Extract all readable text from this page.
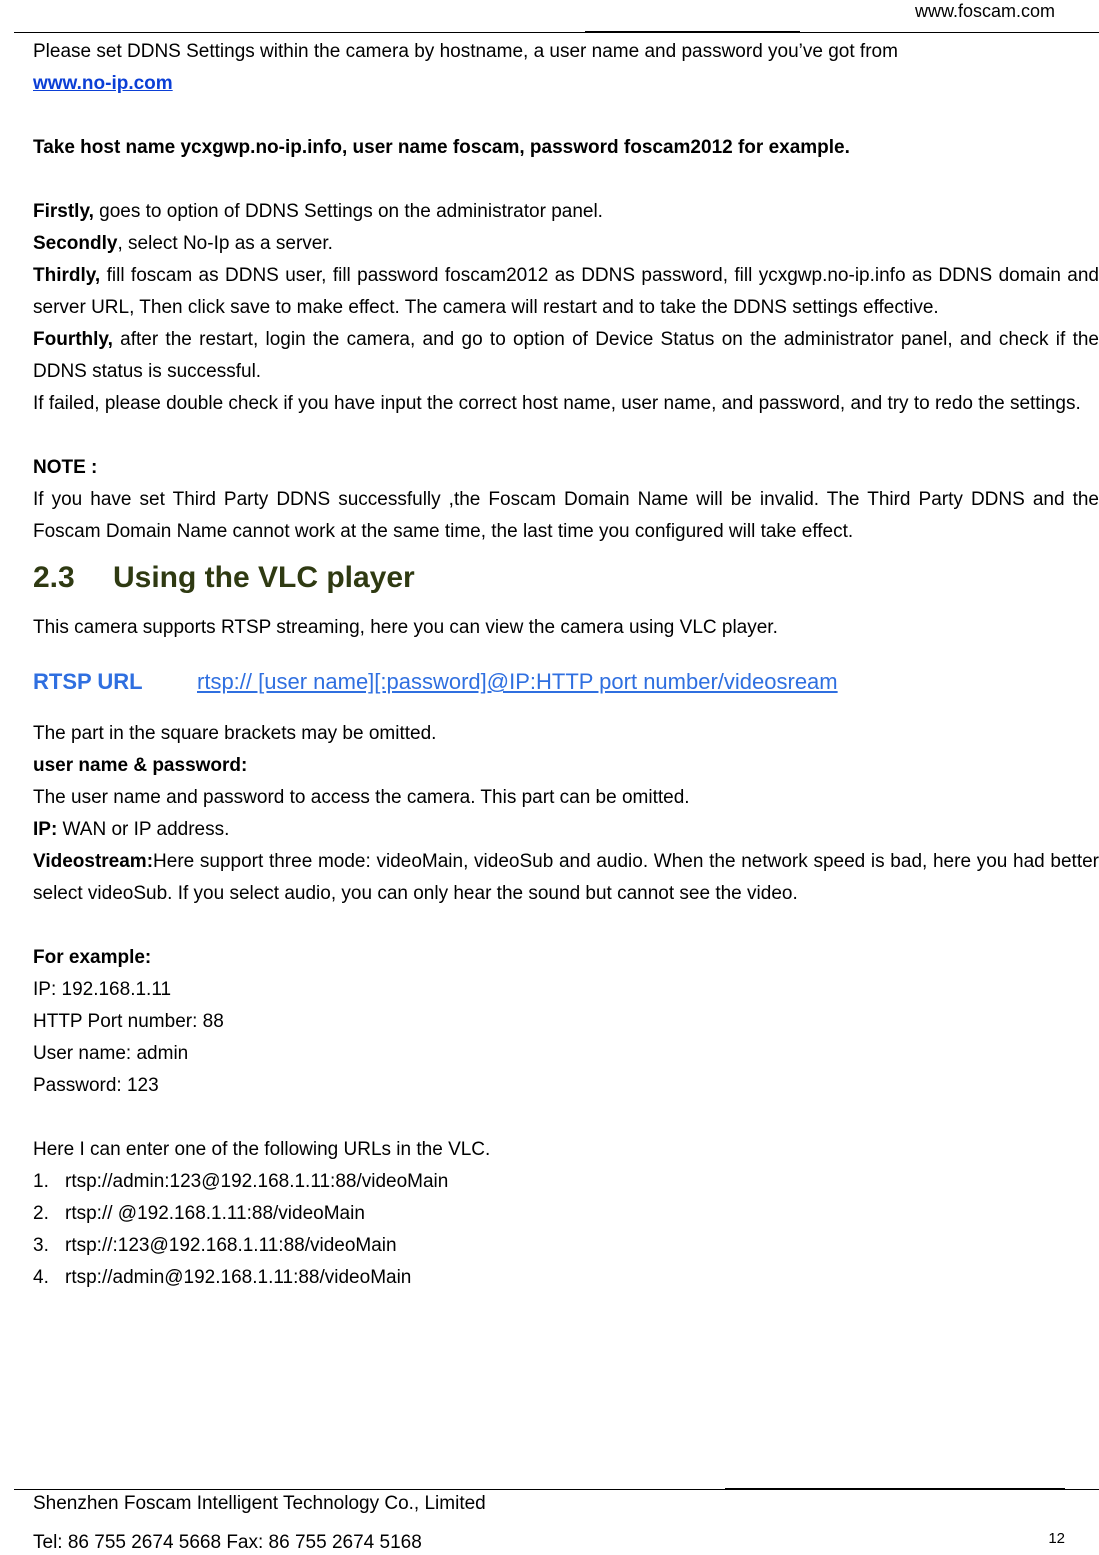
www.foscam.com

Please set DDNS Settings within the camera by hostname, a user name and password you’ve got from
www.no-ip.com

Take host name ycxgwp.no-ip.info, user name foscam, password foscam2012 for example.

Firstly, goes to option of DDNS Settings on the administrator panel.

Secondly, select No-Ip as a server.

Thirdly, fill foscam as DDNS user, fill password foscam2012 as DDNS password, fill ycxgwp.no-ip.info as DDNS domain and server URL, Then click save to make effect. The camera will restart and to take the DDNS settings effective.

Fourthly, after the restart, login the camera, and go to option of Device Status on the administrator panel, and check if the DDNS status is successful.

If failed, please double check if you have input the correct host name, user name, and password, and try to redo the settings.

NOTE :

If you have set Third Party DDNS successfully ,the Foscam Domain Name will be invalid. The Third Party DDNS and the Foscam Domain Name cannot work at the same time, the last time you configured will take effect.

2.3 Using the VLC player

This camera supports RTSP streaming, here you can view the camera using VLC player.

RTSP URL rtsp:// [user name][:password]@IP:HTTP port number/videosream

The part in the square brackets may be omitted.

user name & password:

The user name and password to access the camera. This part can be omitted.

IP: WAN or IP address.

Videostream:Here support three mode: videoMain, videoSub and audio. When the network speed is bad, here you had better select videoSub. If you select audio, you can only hear the sound but cannot see the video.

For example:

IP: 192.168.1.11

HTTP Port number: 88

User name: admin

Password: 123

Here I can enter one of the following URLs in the VLC.

1. rtsp://admin:123@192.168.1.11:88/videoMain
2. rtsp:// @192.168.1.11:88/videoMain
3. rtsp://:123@192.168.1.11:88/videoMain
4. rtsp://admin@192.168.1.11:88/videoMain
Shenzhen Foscam Intelligent Technology Co., Limited
Tel: 86 755 2674 5668 Fax: 86 755 2674 5168	12
